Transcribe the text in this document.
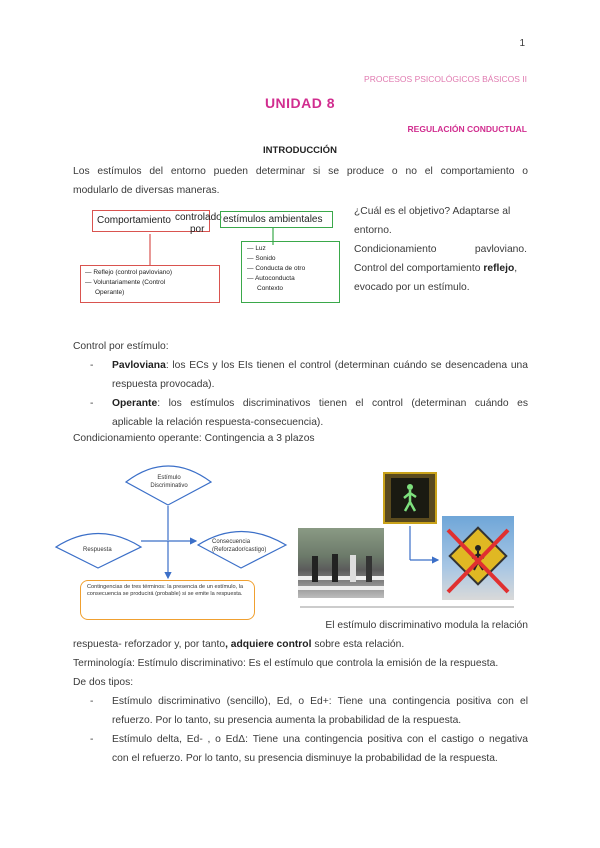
1
PROCESOS PSICOLÓGICOS BÁSICOS II
UNIDAD 8
REGULACIÓN CONDUCTUAL
INTRODUCCIÓN
Los estímulos del entorno pueden determinar si se produce o no el comportamiento o
modularlo de diversas maneras.
Comportamiento controlado
por
estímulos ambientales
— Reflejo (control pavloviano)
— Voluntariamente (Control
Operante)
— Luz
— Sonido
— Conducta de otro
— Autoconducta
Contexto
¿Cuál es el objetivo? Adaptarse al
entorno.
Condicionamiento	pavloviano.
Control del comportamiento reflejo,
evocado por un estímulo.
Control por estímulo:
- Pavloviana: los ECs y los EIs tienen el control (determinan cuándo se desencadena una
respuesta provocada).
- Operante: los estímulos discriminativos tienen el control (determinan cuándo es
aplicable la relación respuesta-consecuencia).
Condicionamiento operante: Contingencia a 3 plazos
Estímulo Discriminativo
Respuesta
Consecuencia (Reforzador/castigo)
Contingencias de tres términos: la presencia de un estímulo, la consecuencia se producirá (probable) si se emite la respuesta.
El estímulo discriminativo modula la relación
respuesta- reforzador y, por tanto, adquiere control sobre esta relación.
Terminología: Estímulo discriminativo: Es el estímulo que controla la emisión de la respuesta.
De dos tipos:
- Estímulo discriminativo (sencillo), Ed, o Ed+: Tiene una contingencia positiva con el
refuerzo. Por lo tanto, su presencia aumenta la probabilidad de la respuesta.
- Estímulo delta, Ed- , o EdΔ: Tiene una contingencia positiva con el castigo o negativa
con el refuerzo. Por lo tanto, su presencia disminuye la probabilidad de la respuesta.
